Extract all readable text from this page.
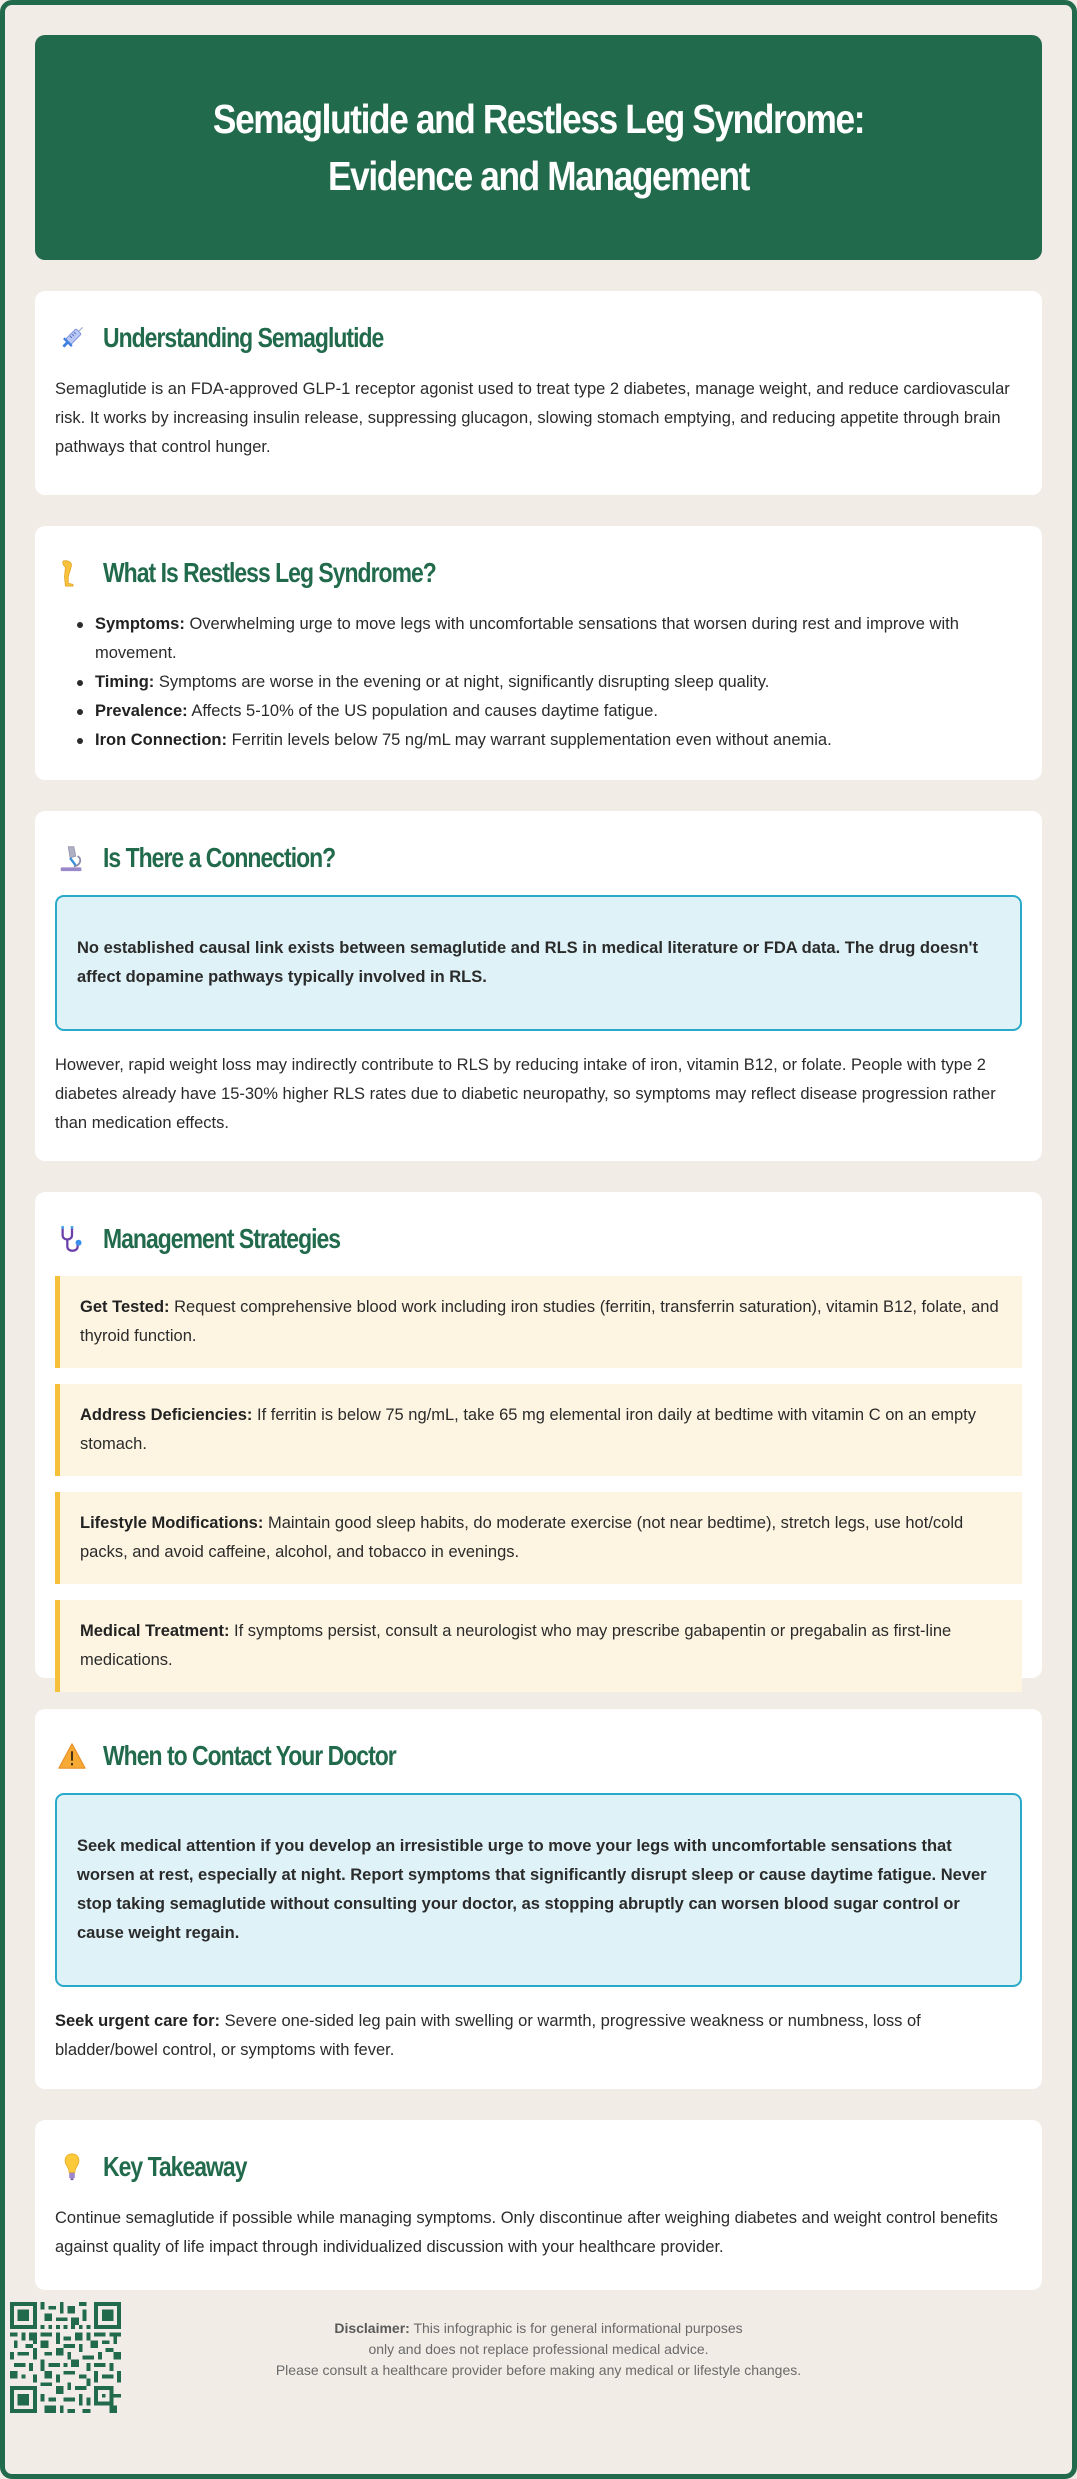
Semaglutide and Restless Leg Syndrome: Evidence and Management
Understanding Semaglutide

Semaglutide is an FDA-approved GLP-1 receptor agonist used to treat type 2 diabetes, manage weight, and reduce cardiovascular risk. It works by increasing insulin release, suppressing glucagon, slowing stomach emptying, and reducing appetite through brain pathways that control hunger.

What Is Restless Leg Syndrome?
Symptoms: Overwhelming urge to move legs with uncomfortable sensations that worsen during rest and improve with movement.
Timing: Symptoms are worse in the evening or at night, significantly disrupting sleep quality.
Prevalence: Affects 5-10% of the US population and causes daytime fatigue.
Iron Connection: Ferritin levels below 75 ng/mL may warrant supplementation even without anemia.
Is There a Connection?
No established causal link exists between semaglutide and RLS in medical literature or FDA data. The drug doesn't affect dopamine pathways typically involved in RLS.

However, rapid weight loss may indirectly contribute to RLS by reducing intake of iron, vitamin B12, or folate. People with type 2 diabetes already have 15-30% higher RLS rates due to diabetic neuropathy, so symptoms may reflect disease progression rather than medication effects.

Management Strategies
Get Tested: Request comprehensive blood work including iron studies (ferritin, transferrin saturation), vitamin B12, folate, and thyroid function.
Address Deficiencies: If ferritin is below 75 ng/mL, take 65 mg elemental iron daily at bedtime with vitamin C on an empty stomach.
Lifestyle Modifications: Maintain good sleep habits, do moderate exercise (not near bedtime), stretch legs, use hot/cold packs, and avoid caffeine, alcohol, and tobacco in evenings.
Medical Treatment: If symptoms persist, consult a neurologist who may prescribe gabapentin or pregabalin as first-line medications.
When to Contact Your Doctor
Seek medical attention if you develop an irresistible urge to move your legs with uncomfortable sensations that worsen at rest, especially at night. Report symptoms that significantly disrupt sleep or cause daytime fatigue. Never stop taking semaglutide without consulting your doctor, as stopping abruptly can worsen blood sugar control or cause weight regain.

Seek urgent care for: Severe one-sided leg pain with swelling or warmth, progressive weakness or numbness, loss of bladder/bowel control, or symptoms with fever.

Key Takeaway

Continue semaglutide if possible while managing symptoms. Only discontinue after weighing diabetes and weight control benefits against quality of life impact through individualized discussion with your healthcare provider.

Disclaimer: This infographic is for general informational purposes
only and does not replace professional medical advice.
Please consult a healthcare provider before making any medical or lifestyle changes.
